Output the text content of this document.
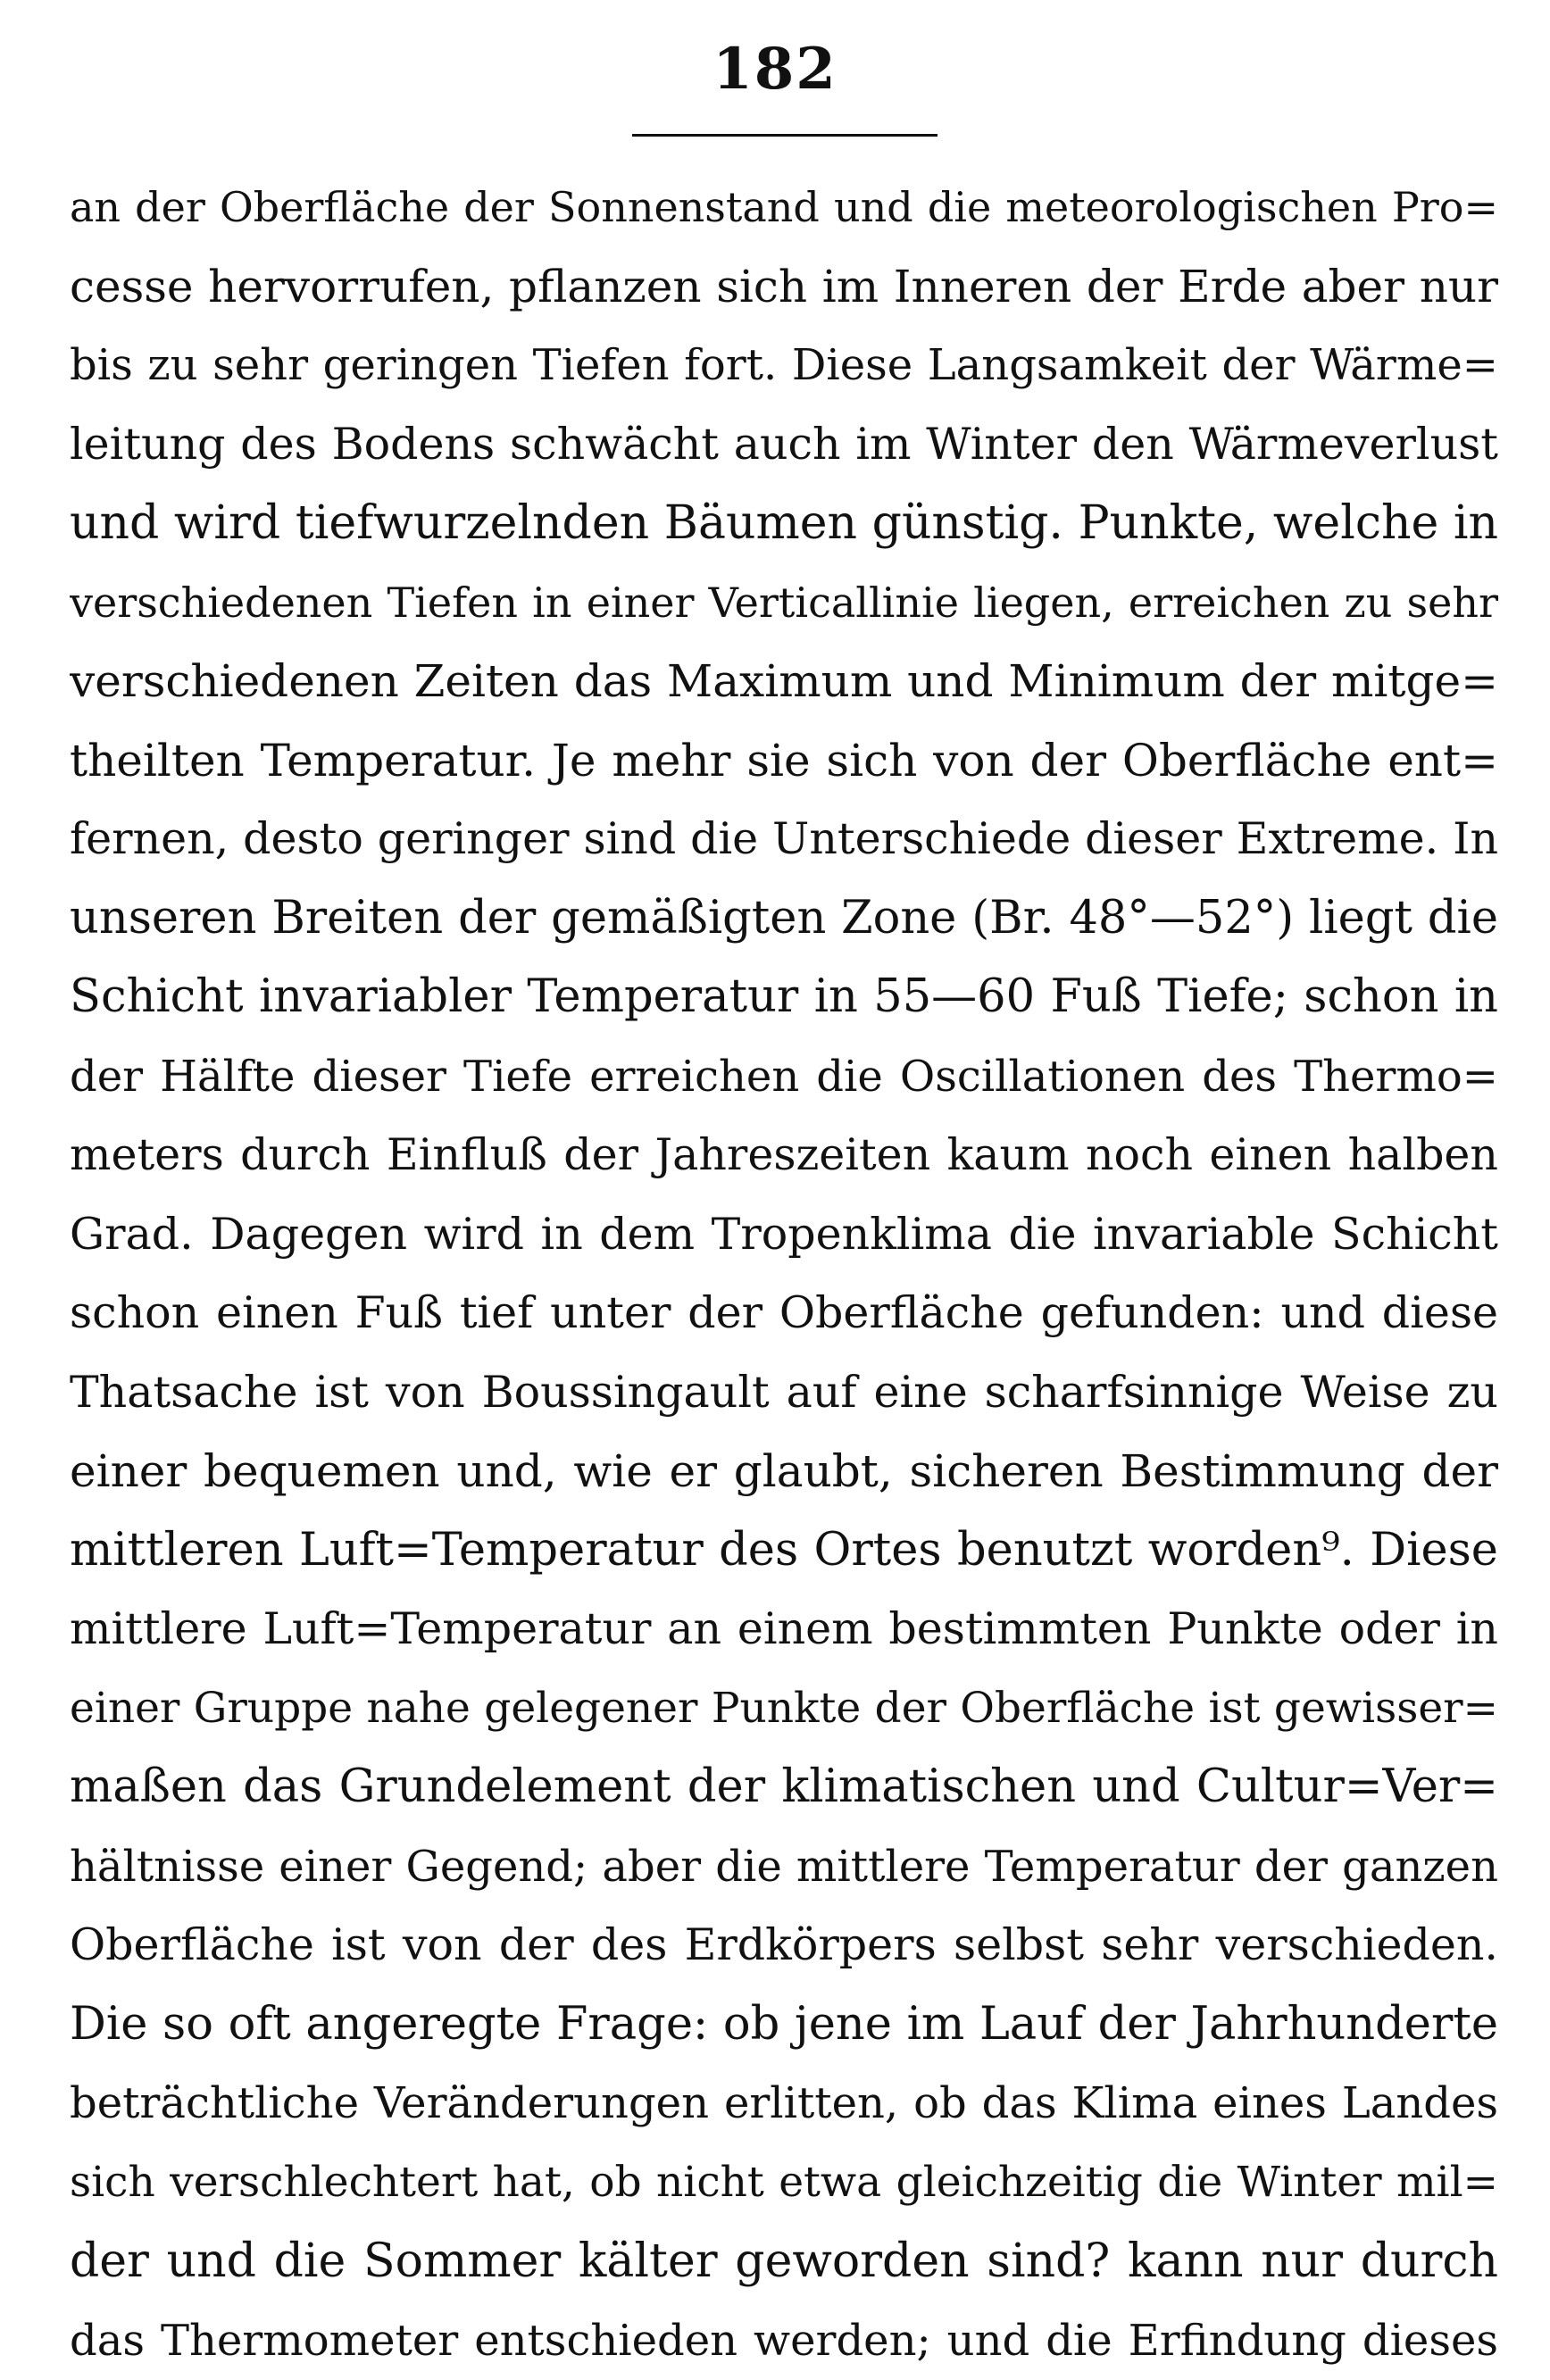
182
an der Oberfläche der Sonnenstand und die meteorologischen Pro=
cesse hervorrufen, pflanzen sich im Inneren der Erde aber nur
bis zu sehr geringen Tiefen fort. Diese Langsamkeit der Wärme=
leitung des Bodens schwächt auch im Winter den Wärmeverlust
und wird tiefwurzelnden Bäumen günstig. Punkte, welche in
verschiedenen Tiefen in einer Verticallinie liegen, erreichen zu sehr
verschiedenen Zeiten das Maximum und Minimum der mitge=
theilten Temperatur. Je mehr sie sich von der Oberfläche ent=
fernen, desto geringer sind die Unterschiede dieser Extreme. In
unseren Breiten der gemäßigten Zone (Br. 48°—52°) liegt die
Schicht invariabler Temperatur in 55—60 Fuß Tiefe; schon in
der Hälfte dieser Tiefe erreichen die Oscillationen des Thermo=
meters durch Einfluß der Jahreszeiten kaum noch einen halben
Grad. Dagegen wird in dem Tropenklima die invariable Schicht
schon einen Fuß tief unter der Oberfläche gefunden: und diese
Thatsache ist von Boussingault auf eine scharfsinnige Weise zu
einer bequemen und, wie er glaubt, sicheren Bestimmung der
mittleren Luft=Temperatur des Ortes benutzt worden⁹. Diese
mittlere Luft=Temperatur an einem bestimmten Punkte oder in
einer Gruppe nahe gelegener Punkte der Oberfläche ist gewisser=
maßen das Grundelement der klimatischen und Cultur=Ver=
hältnisse einer Gegend; aber die mittlere Temperatur der ganzen
Oberfläche ist von der des Erdkörpers selbst sehr verschieden.
Die so oft angeregte Frage: ob jene im Lauf der Jahrhunderte
beträchtliche Veränderungen erlitten, ob das Klima eines Landes
sich verschlechtert hat, ob nicht etwa gleichzeitig die Winter mil=
der und die Sommer kälter geworden sind? kann nur durch
das Thermometer entschieden werden; und die Erfindung dieses
